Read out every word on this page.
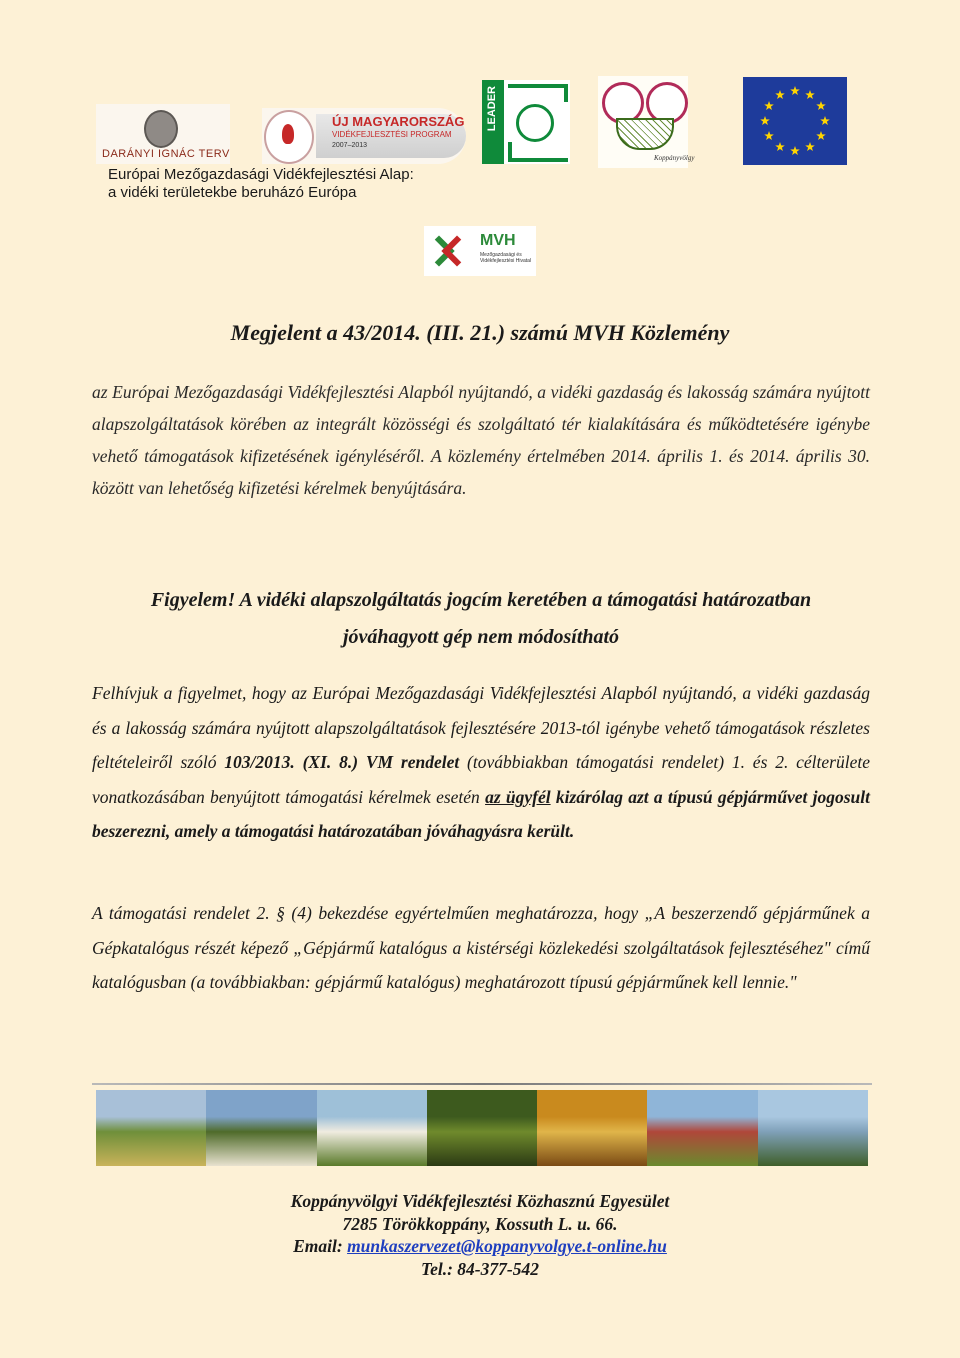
DARÁNYI IGNÁC TERV
ÚJ MAGYARORSZÁG
VIDÉKFEJLESZTÉSI PROGRAM
2007–2013
LEADER
Koppányvölgy
MVH
Mezőgazdasági és Vidékfejlesztési Hivatal
Európai Mezőgazdasági Vidékfejlesztési Alap:
a vidéki területekbe beruházó Európa
Megjelent a 43/2014. (III. 21.) számú MVH Közlemény
az Európai Mezőgazdasági Vidékfejlesztési Alapból nyújtandó, a vidéki gazdaság és lakosság számára nyújtott alapszolgáltatások körében az integrált közösségi és szolgáltató tér kialakítására és működtetésére igénybe vehető támogatások kifizetésének igényléséről. A közlemény értelmében 2014. április 1. és 2014. április 30. között van lehetőség kifizetési kérelmek benyújtására.
Figyelem! A vidéki alapszolgáltatás jogcím keretében a támogatási határozatban
jóváhagyott gép nem módosítható

Felhívjuk a figyelmet, hogy az Európai Mezőgazdasági Vidékfejlesztési Alapból nyújtandó, a vidéki gazdaság és a lakosság számára nyújtott alapszolgáltatások fejlesztésére 2013-tól igénybe vehető támogatások részletes feltételeiről szóló 103/2013. (XI. 8.) VM rendelet (továbbiakban támogatási rendelet) 1. és 2. célterülete vonatkozásában benyújtott támogatási kérelmek esetén az ügyfél kizárólag azt a típusú gépjárművet jogosult beszerezni, amely a támogatási határozatában jóváhagyásra került.

A támogatási rendelet 2. § (4) bekezdése egyértelműen meghatározza, hogy „A beszerzendő gépjárműnek a Gépkatalógus részét képező „Gépjármű katalógus a kistérségi közlekedési szolgáltatások fejlesztéséhez" című katalógusban (a továbbiakban: gépjármű katalógus) meghatározott típusú gépjárműnek kell lennie."

Koppányvölgyi Vidékfejlesztési Közhasznú Egyesület
7285 Törökkoppány, Kossuth L. u. 66.
Email: munkaszervezet@koppanyvolgye.t-online.hu
Tel.: 84-377-542
